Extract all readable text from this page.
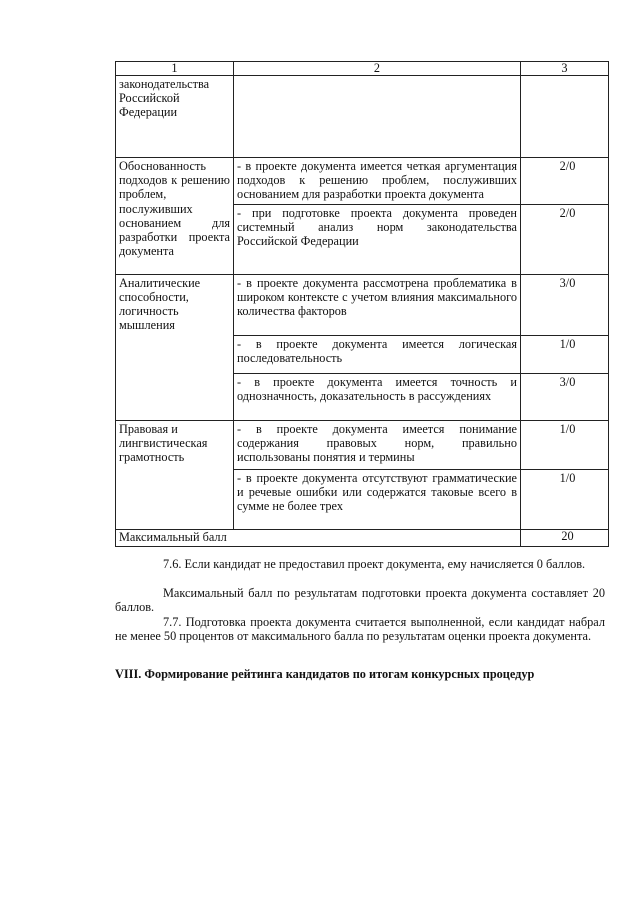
1	2	3
законодательства Российской Федерации		
Обоснованность подходов к решению проблем, послуживших основанием для разработки проекта документа	- в проекте документа имеется четкая аргументация подходов к решению проблем, послуживших основанием для разработки проекта документа	2/0
	- при подготовке проекта документа проведен системный анализ норм законодательства Российской Федерации	2/0
Аналитические способности, логичность мышления	- в проекте документа рассмотрена проблематика в широком контексте с учетом влияния максимального количества факторов	3/0
	- в проекте документа имеется логическая последовательность	1/0
	- в проекте документа имеется точность и однозначность, доказательность в рассуждениях	3/0
Правовая и лингвистическая грамотность	- в проекте документа имеется понимание содержания правовых норм, правильно использованы понятия и термины	1/0
	- в проекте документа отсутствуют грамматические и речевые ошибки или содержатся таковые всего в сумме не более трех	1/0
Максимальный балл		20
7.6. Если кандидат не предоставил проект документа, ему начисляется 0 баллов.
Максимальный балл по результатам подготовки проекта документа составляет 20 баллов.
7.7. Подготовка проекта документа считается выполненной, если кандидат набрал не менее 50 процентов от максимального балла по результатам оценки проекта документа.
VIII. Формирование рейтинга кандидатов по итогам конкурсных процедур
